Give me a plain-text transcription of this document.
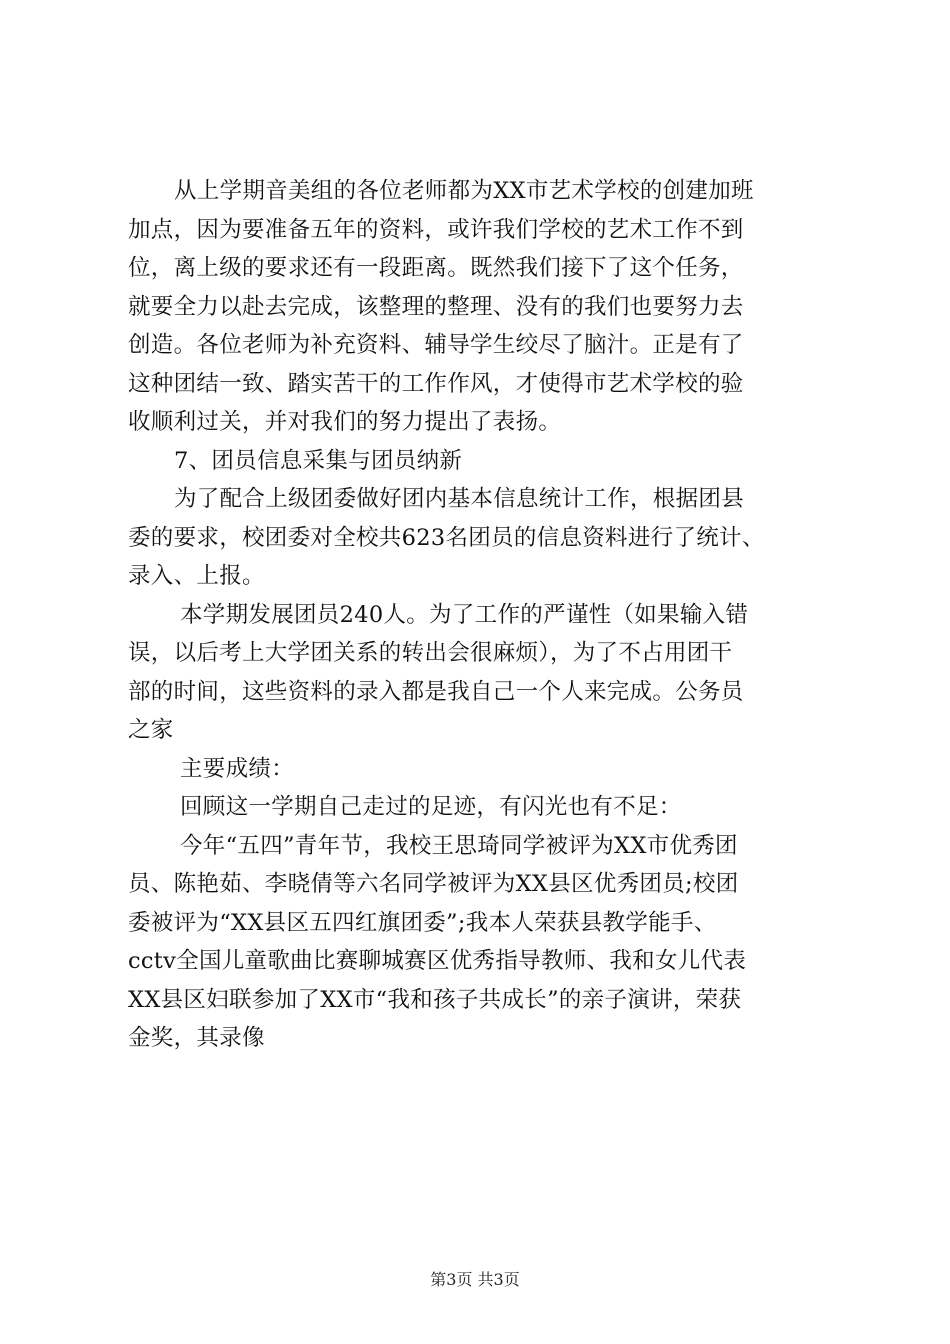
从上学期音美组的各位老师都为XX市艺术学校的创建加班
加点，因为要准备五年的资料，或许我们学校的艺术工作不到
位，离上级的要求还有一段距离。既然我们接下了这个任务，
就要全力以赴去完成，该整理的整理、没有的我们也要努力去
创造。各位老师为补充资料、辅导学生绞尽了脑汁。正是有了
这种团结一致、踏实苦干的工作作风，才使得市艺术学校的验
收顺利过关，并对我们的努力提出了表扬。
7、团员信息采集与团员纳新
为了配合上级团委做好团内基本信息统计工作，根据团县
委的要求，校团委对全校共623名团员的信息资料进行了统计、
录入、上报。
本学期发展团员240人。为了工作的严谨性（如果输入错
误，以后考上大学团关系的转出会很麻烦），为了不占用团干
部的时间，这些资料的录入都是我自己一个人来完成。公务员
之家
主要成绩：
回顾这一学期自己走过的足迹，有闪光也有不足：
今年“五四”青年节，我校王思琦同学被评为XX市优秀团
员、陈艳茹、李晓倩等六名同学被评为XX县区优秀团员;校团
委被评为“XX县区五四红旗团委”;我本人荣获县教学能手、
cctv全国儿童歌曲比赛聊城赛区优秀指导教师、我和女儿代表
XX县区妇联参加了XX市“我和孩子共成长”的亲子演讲，荣获
金奖，其录像
第3页 共3页
